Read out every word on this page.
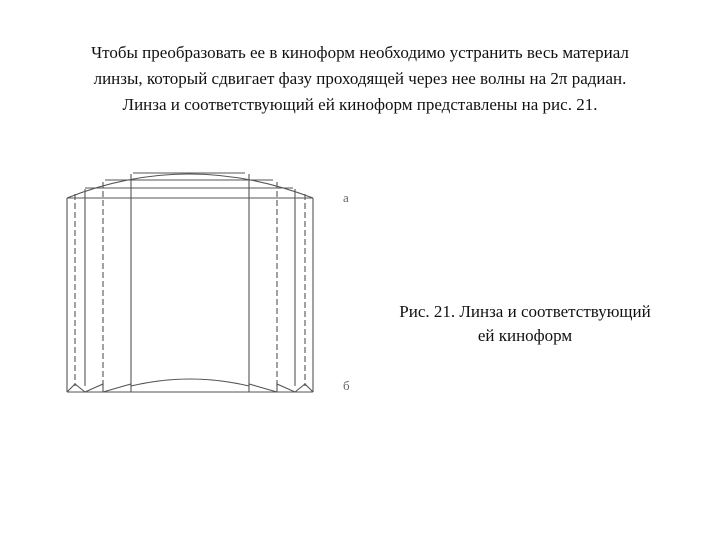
Чтобы преобразовать ее в киноформ необходимо устранить весь материал
линзы, который сдвигает фазу проходящей через нее волны на 2π радиан.
Линза и соответствующий ей киноформ представлены на рис. 21.
а
б
Рис. 21. Линза и соответствующий
ей киноформ
